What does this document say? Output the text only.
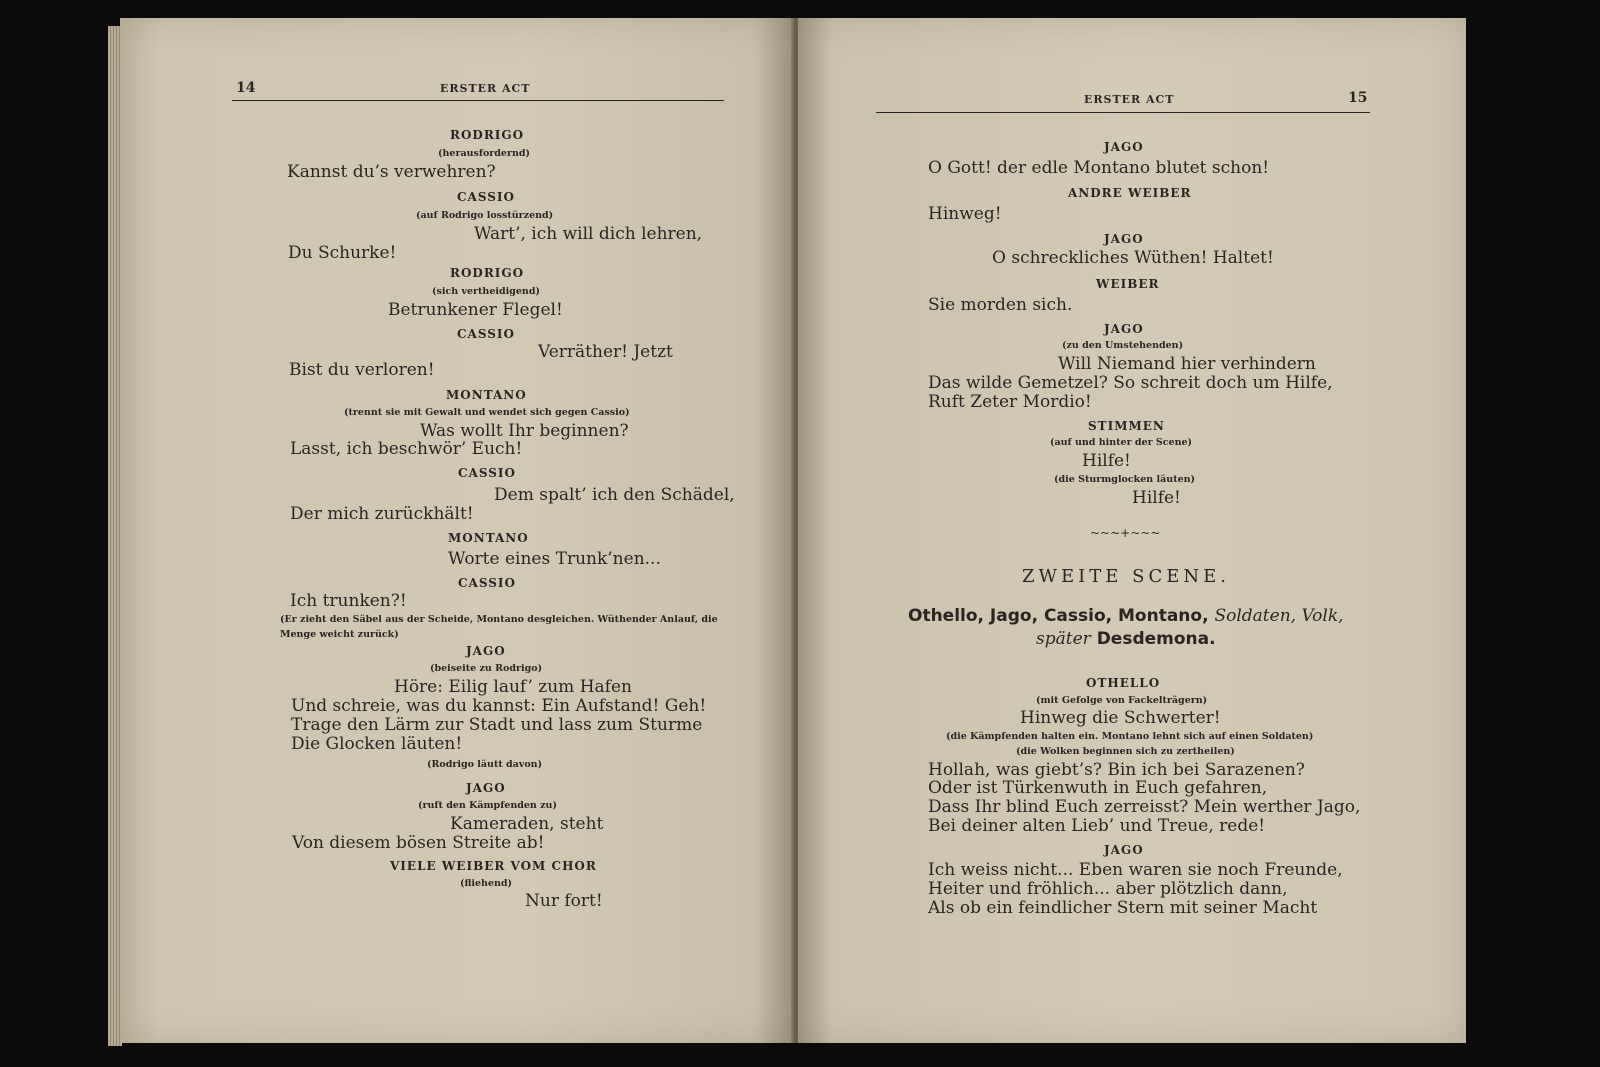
14	ERSTER ACT
RODRIGO
(herausfordernd)
Kannst du’s verwehren?
CASSIO
(auf Rodrigo losstürzend)
Wart’, ich will dich lehren,
Du Schurke!
RODRIGO
(sich vertheidigend)
Betrunkener Flegel!
CASSIO
Verräther! Jetzt
Bist du verloren!
MONTANO
(trennt sie mit Gewalt und wendet sich gegen Cassio)
Was wollt Ihr beginnen?
Lasst, ich beschwör’ Euch!
CASSIO
Dem spalt’ ich den Schädel,
Der mich zurückhält!
MONTANO
Worte eines Trunk’nen...
CASSIO
Ich trunken?!
(Er zieht den Säbel aus der Scheide, Montano desgleichen. Wüthender Anlauf, die
Menge weicht zurück)
JAGO
(beiseite zu Rodrigo)
Höre: Eilig lauf’ zum Hafen
Und schreie, was du kannst: Ein Aufstand! Geh!
Trage den Lärm zur Stadt und lass zum Sturme
Die Glocken läuten!
(Rodrigo läutt davon)
JAGO
(ruft den Kämpfenden zu)
Kameraden, steht
Von diesem bösen Streite ab!
VIELE WEIBER VOM CHOR
(fliehend)
Nur fort!
ERSTER ACT	15
JAGO
O Gott! der edle Montano blutet schon!
ANDRE WEIBER
Hinweg!
JAGO
O schreckliches Wüthen! Haltet!
WEIBER
Sie morden sich.
JAGO
(zu den Umstehenden)
Will Niemand hier verhindern
Das wilde Gemetzel? So schreit doch um Hilfe,
Ruft Zeter Mordio!
STIMMEN
(auf und hinter der Scene)
Hilfe!
(die Sturmglocken läuten)
Hilfe!
~~~+~~~
ZWEITE SCENE.
Othello, Jago, Cassio, Montano, Soldaten, Volk,
später Desdemona.
OTHELLO
(mit Gefolge von Fackelträgern)
Hinweg die Schwerter!
(die Kämpfenden halten ein. Montano lehnt sich auf einen Soldaten)
(die Wolken beginnen sich zu zertheilen)
Hollah, was giebt’s? Bin ich bei Sarazenen?
Oder ist Türkenwuth in Euch gefahren,
Dass Ihr blind Euch zerreisst? Mein werther Jago,
Bei deiner alten Lieb’ und Treue, rede!
JAGO
Ich weiss nicht... Eben waren sie noch Freunde,
Heiter und fröhlich... aber plötzlich dann,
Als ob ein feindlicher Stern mit seiner Macht
